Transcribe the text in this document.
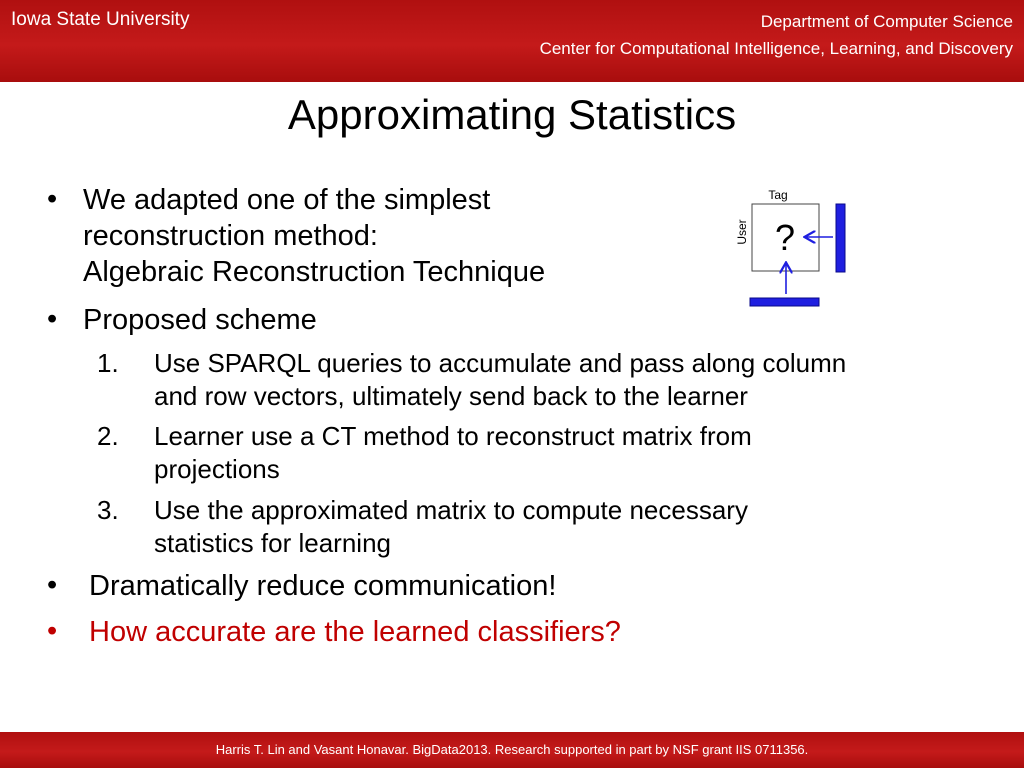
Iowa State University	Department of Computer Science
Center for Computational Intelligence, Learning, and Discovery
Approximating Statistics
• We adapted one of the simplest
reconstruction method:
Algebraic Reconstruction Technique
• Proposed scheme
1. Use SPARQL queries to accumulate and pass along column
and row vectors, ultimately send back to the learner
2. Learner use a CT method to reconstruct matrix from
projections
3. Use the approximated matrix to compute necessary
statistics for learning
• Dramatically reduce communication!
• How accurate are the learned classifiers?
Tag
User ?
Harris T. Lin and Vasant Honavar. BigData2013. Research supported in part by NSF grant IIS 0711356.
